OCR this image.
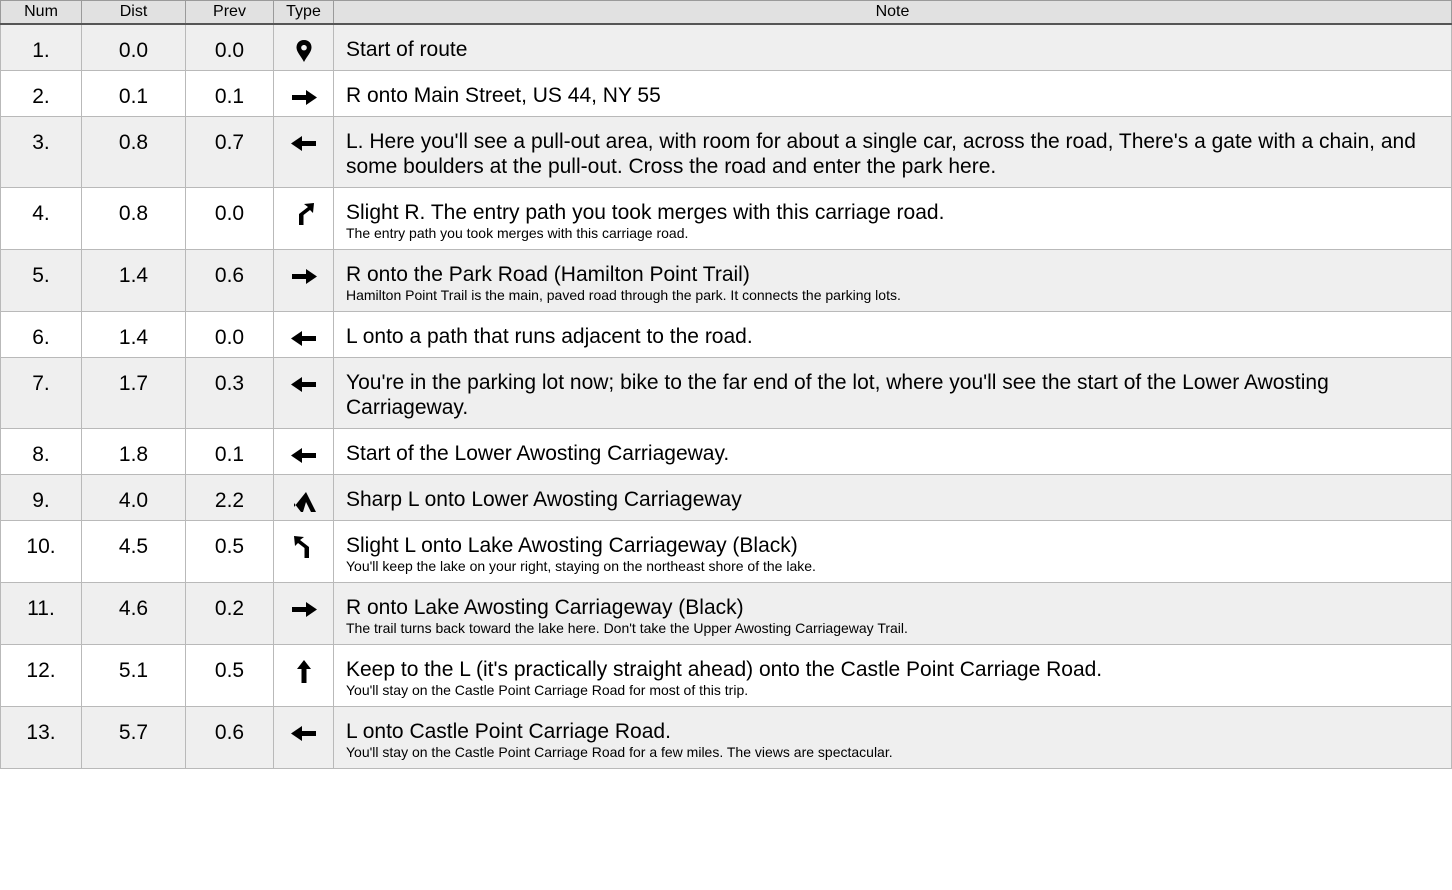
Num	Dist	Prev	Type	Note
1.	0.0	0.0		Start of route

2.	0.1	0.1		R onto Main Street, US 44, NY 55

3.	0.8	0.7		L. Here you'll see a pull-out area, with room for about a single car, across the road, There's a gate with a chain, and some boulders at the pull-out. Cross the road and enter the park here.

4.	0.8	0.0		Slight R. The entry path you took merges with this carriage road.
The entry path you took merges with this carriage road.

5.	1.4	0.6		R onto the Park Road (Hamilton Point Trail)
Hamilton Point Trail is the main, paved road through the park. It connects the parking lots.

6.	1.4	0.0		L onto a path that runs adjacent to the road.

7.	1.7	0.3		You're in the parking lot now; bike to the far end of the lot, where you'll see the start of the Lower Awosting Carriageway.

8.	1.8	0.1		Start of the Lower Awosting Carriageway.

9.	4.0	2.2		Sharp L onto Lower Awosting Carriageway

10.	4.5	0.5		Slight L onto Lake Awosting Carriageway (Black)
You'll keep the lake on your right, staying on the northeast shore of the lake.

11.	4.6	0.2		R onto Lake Awosting Carriageway (Black)
The trail turns back toward the lake here. Don't take the Upper Awosting Carriageway Trail.

12.	5.1	0.5		Keep to the L (it's practically straight ahead) onto the Castle Point Carriage Road.
You'll stay on the Castle Point Carriage Road for most of this trip.

13.	5.7	0.6		L onto Castle Point Carriage Road.
You'll stay on the Castle Point Carriage Road for a few miles. The views are spectacular.
